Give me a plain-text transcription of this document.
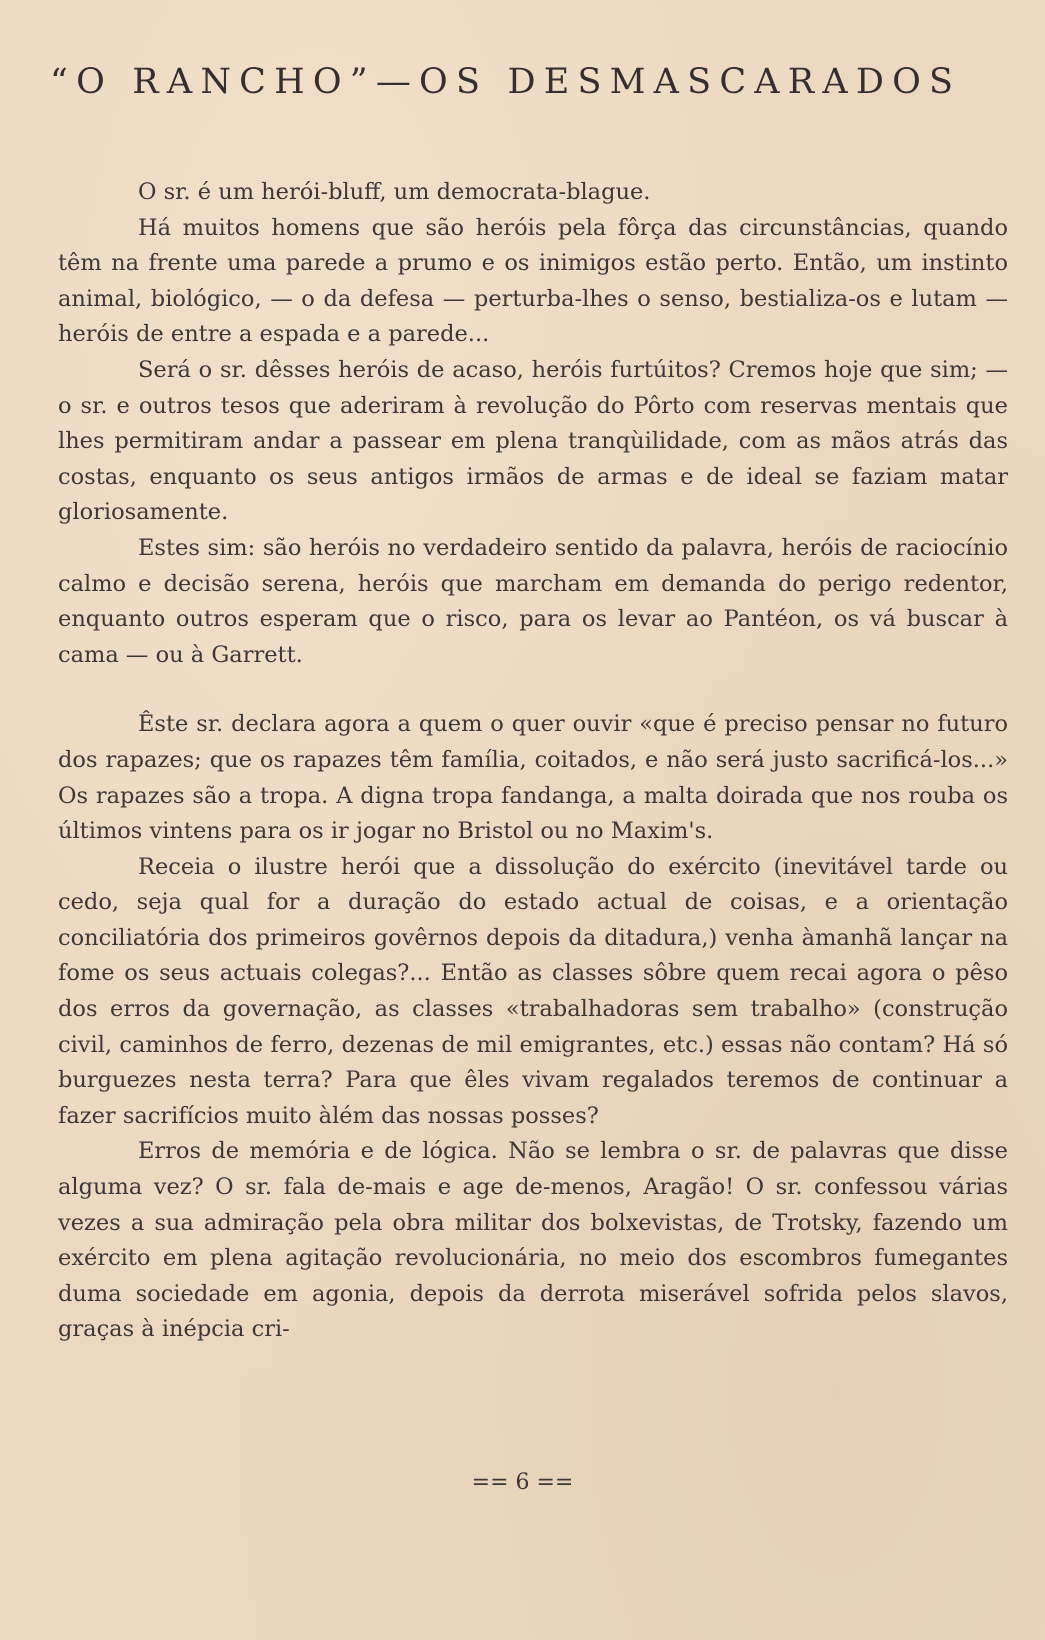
“O RANCHO”—OS DESMASCARADOS

O sr. é um herói-bluff, um democrata-blague.

Há muitos homens que são heróis pela fôrça das circunstâncias, quando têm na frente uma parede a prumo e os inimigos estão perto. Então, um instinto animal, biológico, — o da defesa — perturba-lhes o senso, bestializa-os e lutam — heróis de entre a espada e a parede...

Será o sr. dêsses heróis de acaso, heróis furtúitos? Cremos hoje que sim; — o sr. e outros tesos que aderiram à revolução do Pôrto com reservas mentais que lhes permitiram andar a passear em plena tranqùilidade, com as mãos atrás das costas, enquanto os seus antigos irmãos de armas e de ideal se faziam matar gloriosamente.

Estes sim: são heróis no verdadeiro sentido da palavra, heróis de raciocínio calmo e decisão serena, heróis que marcham em demanda do perigo redentor, enquanto outros esperam que o risco, para os levar ao Pantéon, os vá buscar à cama — ou à Garrett.

Êste sr. declara agora a quem o quer ouvir «que é preciso pensar no futuro dos rapazes; que os rapazes têm família, coitados, e não será justo sacrificá-los...» Os rapazes são a tropa. A digna tropa fandanga, a malta doirada que nos rouba os últimos vintens para os ir jogar no Bristol ou no Maxim's.

Receia o ilustre herói que a dissolução do exército (inevitável tarde ou cedo, seja qual for a duração do estado actual de coisas, e a orientação conciliatória dos primeiros govêrnos depois da ditadura,) venha àmanhã lançar na fome os seus actuais colegas?... Então as classes sôbre quem recai agora o pêso dos erros da governação, as classes «trabalhadoras sem trabalho» (construção civil, caminhos de ferro, dezenas de mil emigrantes, etc.) essas não contam? Há só burguezes nesta terra? Para que êles vivam regalados teremos de continuar a fazer sacrifícios muito àlém das nossas posses?

Erros de memória e de lógica. Não se lembra o sr. de palavras que disse alguma vez? O sr. fala de-mais e age de-menos, Aragão! O sr. confessou várias vezes a sua admiração pela obra militar dos bolxevistas, de Trotsky, fazendo um exército em plena agitação revolucionária, no meio dos escombros fumegantes duma sociedade em agonia, depois da derrota miserável sofrida pelos slavos, graças à inépcia cri-

== 6 ==
